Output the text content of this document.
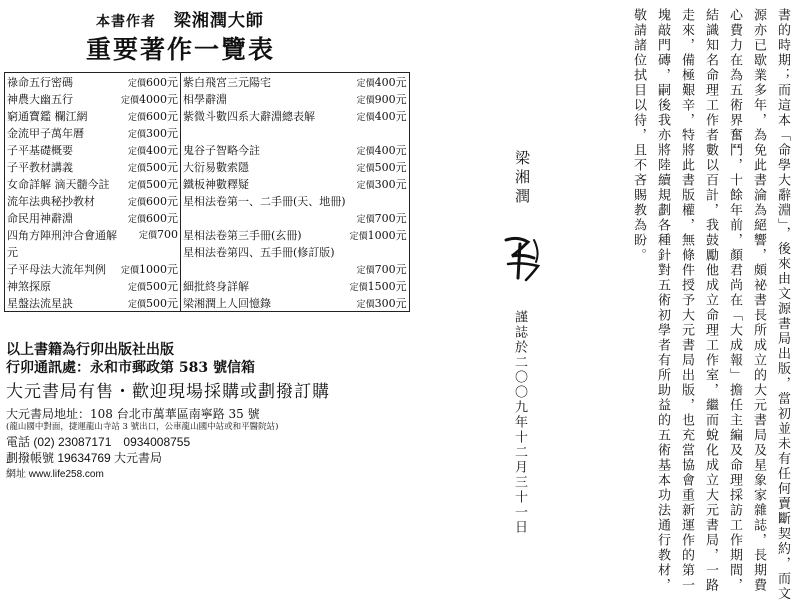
本書作者 梁湘潤大師
重要著作一覽表
祿命五行密碼	定價600元	紫白飛宮三元陽宅	定價400元
神農大幽五行	定價4000元	相學辭淵	定價900元
窮通寶鑑 欄江網	定價600元	紫微斗數四系大辭淵總表解	定價400元
金流甲子萬年曆	定價300元		
子平基礎概要	定價400元	鬼谷子智略今註	定價400元
子平教材講義	定價500元	大衍易數索隱	定價500元
女命詳解 滴天髓今註	定價500元	鐵板神數釋疑	定價300元
流年法典秘抄教材	定價600元	星相法卷第一、二手冊(天、地冊)	
命民用神辭淵	定價600元		定價700元
四角方陣刑沖合會通解	定價700	星相法卷第三手冊(玄冊)	定價1000元
元		星相法卷第四、五手冊(修訂版)	
子平母法大流年判例	定價1000元		定價700元
神煞探原	定價500元	細批終身詳解	定價1500元
星盤法流星訣	定價500元	梁湘潤上人回憶錄	定價300元
以上書籍為行卯出版社出版
行卯通訊處：永和市郵政第 583 號信箱
大元書局有售・歡迎現場採購或劃撥訂購
大元書局地址：108 台北市萬華區南寧路 35 號
(龍山國中對面，捷運龍山寺站 3 號出口，公車龍山國中站或和平醫院站)
電話 (02) 23087171　0934008755
劃撥帳號 19634769 大元書局
網址 www.life258.com	書的時期；而這本「命學大辭淵」，後來由文源書局出版，當初並未有任何賣斷契約，而文
源亦已歇業多年，為免此書淪為絕響，頗祕書長所成立的大元書局及星象家雜誌，長期費
心費力在為五術界奮鬥，十餘年前，顏君尚在「大成報」擔任主編及命理採訪工作期間，
結識知名命理工作者數以百計，我鼓勵他成立命理工作室，繼而蛻化成立大元書局，一路
走來，備極艱辛，特將此書版權，無條件授予大元書局出版，也充當協會重新運作的第一
塊敲門磚，嗣後我亦將陸續規劃各種針對五術初學者有所助益的五術基本功法通行教材，
敬請諸位拭目以待，且不吝賜教為盼。
梁湘潤
謹誌於二〇〇九年十二月三十一日
